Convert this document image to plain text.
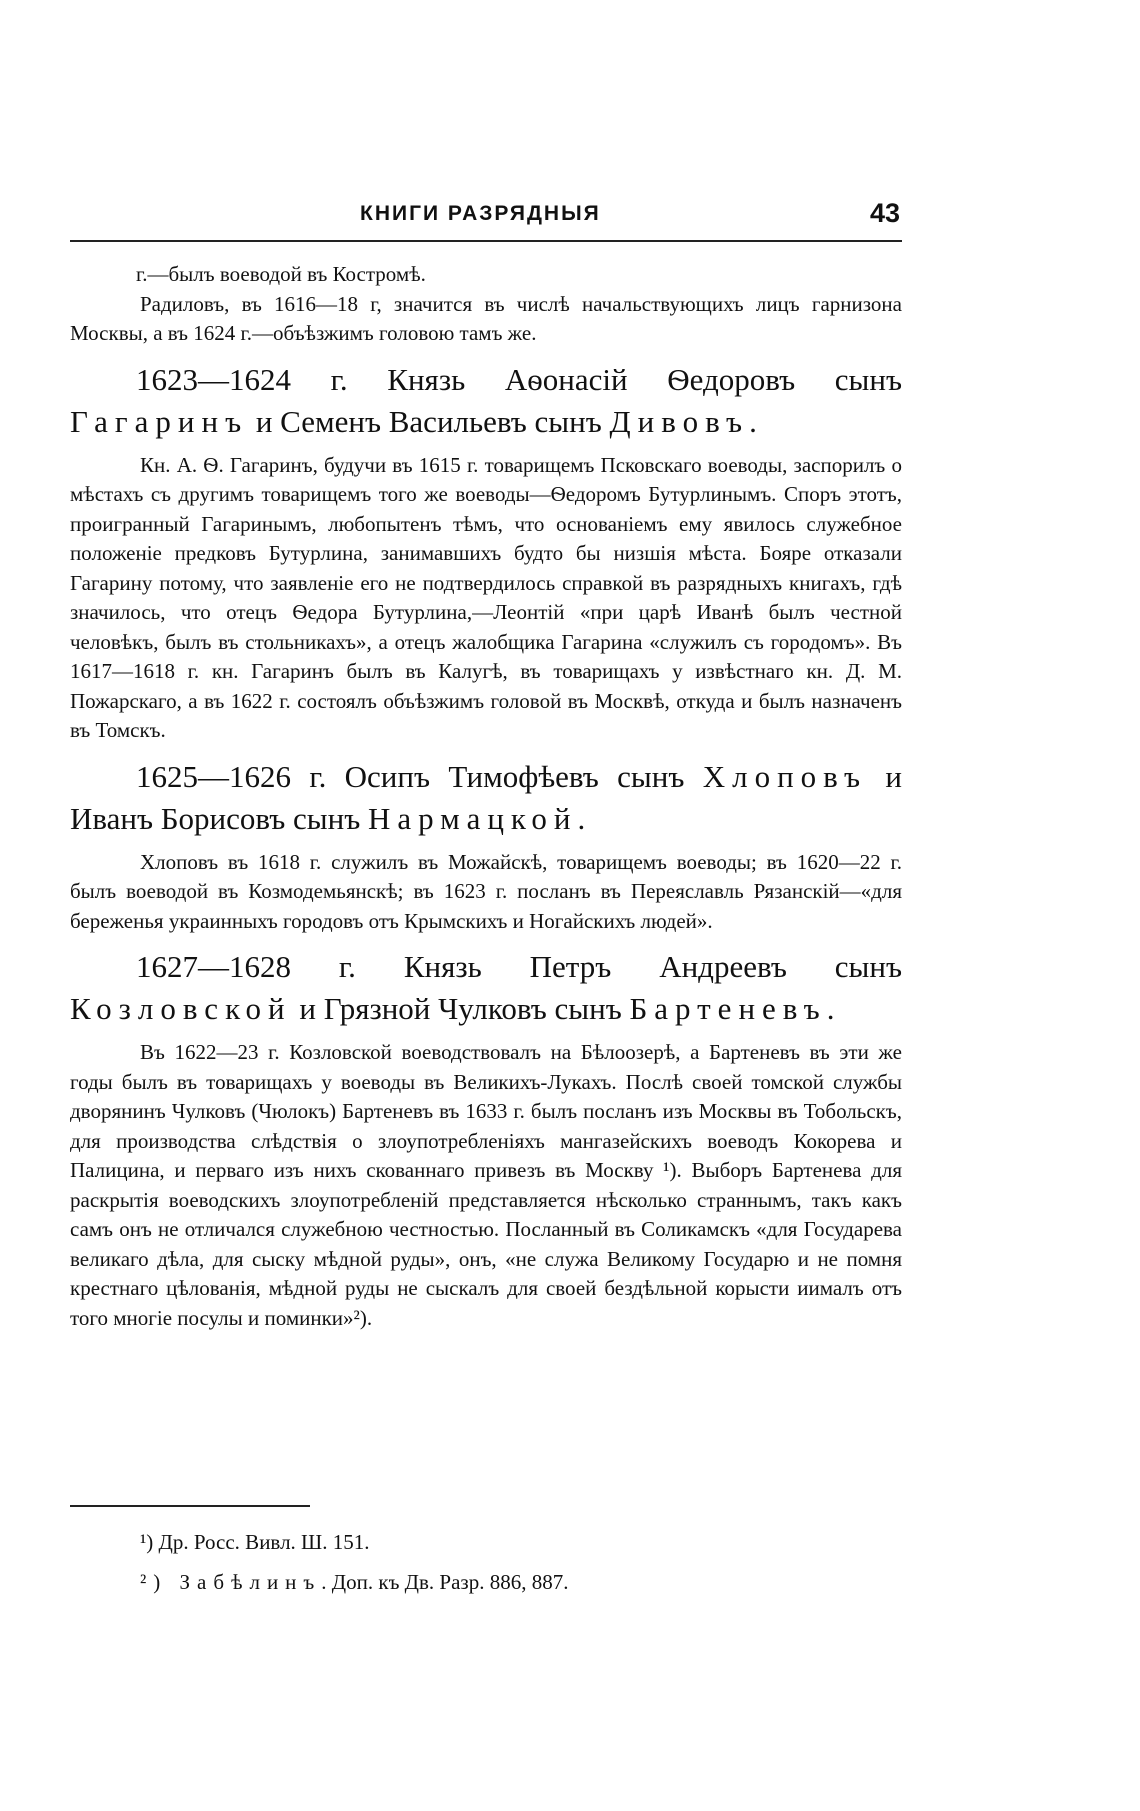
КНИГИ РАЗРЯДНЫЯ	43

г.—былъ воеводой въ Костромѣ.

Радиловъ, въ 1616—18 г, значится въ числѣ начальствующихъ лицъ гарнизона Москвы, а въ 1624 г.—объѣзжимъ головою тамъ же.

1623—1624 г. Князь Аѳонасій Ѳедоровъ сынъ Гагаринъ и Семенъ Васильевъ сынъ Дивовъ.

Кн. А. Ѳ. Гагаринъ, будучи въ 1615 г. товарищемъ Псковскаго воеводы, заспорилъ о мѣстахъ съ другимъ товарищемъ того же воеводы—Ѳедоромъ Бутурлинымъ. Споръ этотъ, проигранный Гагаринымъ, любопытенъ тѣмъ, что основаніемъ ему явилось служебное положеніе предковъ Бутурлина, занимавшихъ будто бы низшія мѣста. Бояре отказали Гагарину потому, что заявленіе его не подтвердилось справкой въ разрядныхъ книгахъ, гдѣ значилось, что отецъ Ѳедора Бутурлина,—Леонтій «при царѣ Иванѣ былъ честной человѣкъ, былъ въ стольникахъ», а отецъ жалобщика Гагарина «служилъ съ городомъ». Въ 1617—1618 г. кн. Гагаринъ былъ въ Калугѣ, въ товарищахъ у извѣстнаго кн. Д. М. Пожарскаго, а въ 1622 г. состоялъ объѣзжимъ головой въ Москвѣ, откуда и былъ назначенъ въ Томскъ.

1625—1626 г. Осипъ Тимофѣевъ сынъ Хлоповъ и Иванъ Борисовъ сынъ Нармацкой.

Хлоповъ въ 1618 г. служилъ въ Можайскѣ, товарищемъ воеводы; въ 1620—22 г. былъ воеводой въ Козмодемьянскѣ; въ 1623 г. посланъ въ Переяславль Рязанскій—«для береженья украинныхъ городовъ отъ Крымскихъ и Ногайскихъ людей».

1627—1628 г. Князь Петръ Андреевъ сынъ Козловской и Грязной Чулковъ сынъ Бартеневъ.

Въ 1622—23 г. Козловской воеводствовалъ на Бѣлоозерѣ, а Бартеневъ въ эти же годы былъ въ товарищахъ у воеводы въ Великихъ-Лукахъ. Послѣ своей томской службы дворянинъ Чулковъ (Чюлокъ) Бартеневъ въ 1633 г. былъ посланъ изъ Москвы въ Тобольскъ, для производства слѣдствія о злоупотребленіяхъ мангазейскихъ воеводъ Кокорева и Палицина, и перваго изъ нихъ скованнаго привезъ въ Москву ¹). Выборъ Бартенева для раскрытія воеводскихъ злоупотребленій представляется нѣсколько страннымъ, такъ какъ самъ онъ не отличался служебною честностью. Посланный въ Соликамскъ «для Государева великаго дѣла, для сыску мѣдной руды», онъ, «не служа Великому Государю и не помня крестнаго цѣлованія, мѣдной руды не сыскалъ для своей бездѣльной корысти иималъ отъ того многіе посулы и поминки»²).

¹) Др. Росс. Вивл. Ш. 151.

²) Забѣлинъ. Доп. къ Дв. Разр. 886, 887.
